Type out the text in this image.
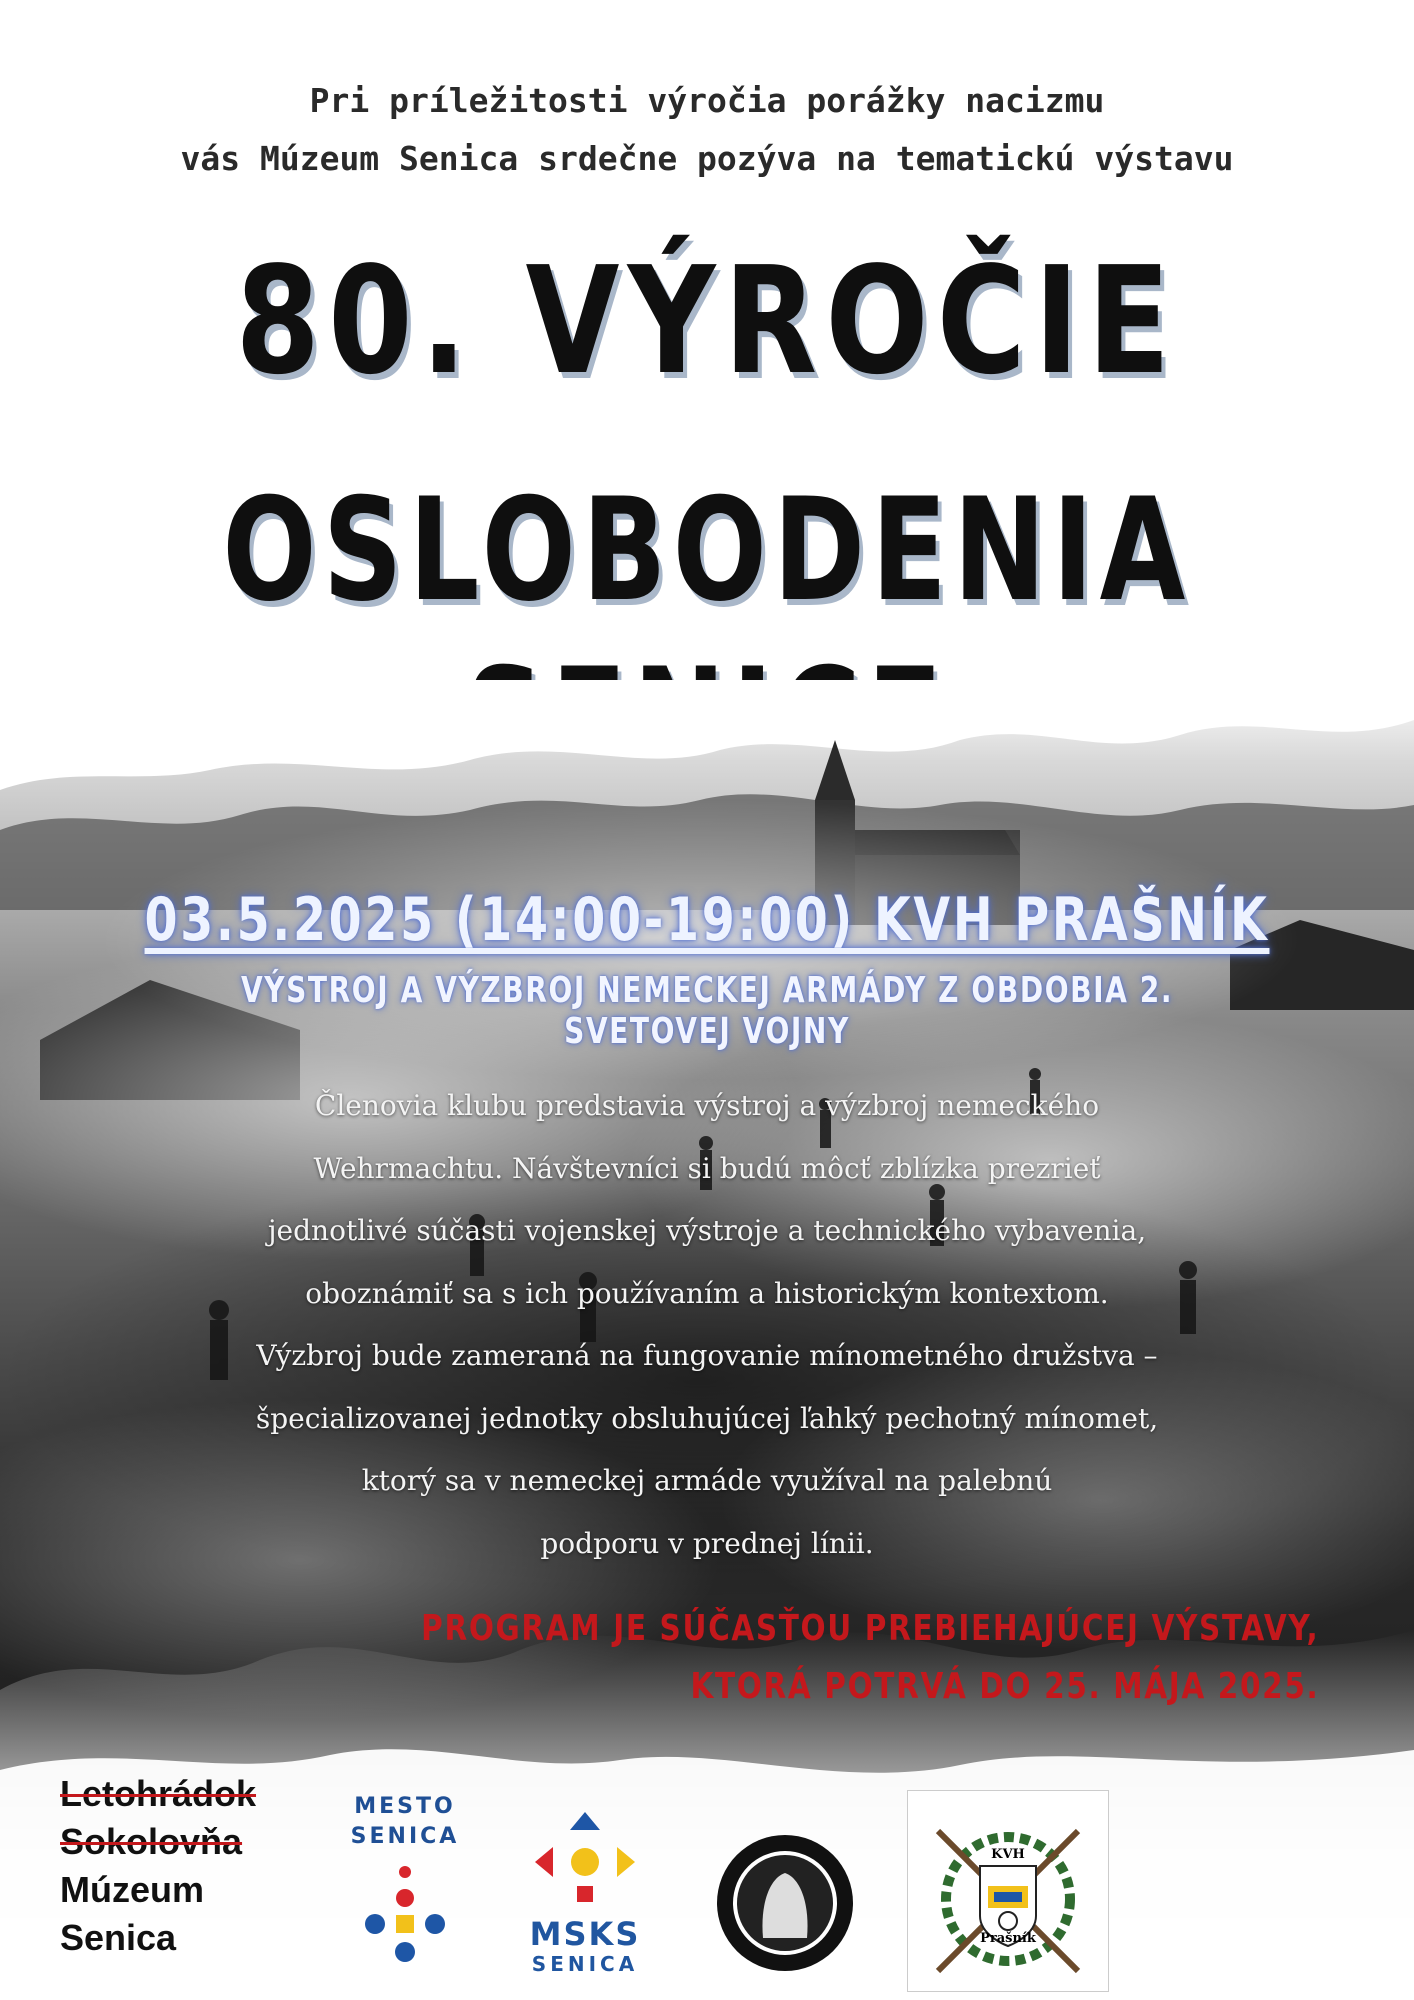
Pri príležitosti výročia porážky nacizmu
vás Múzeum Senica srdečne pozýva na tematickú výstavu
80. VÝROČIE
OSLOBODENIA
03.5.2025 (14:00-19:00) KVH PRAŠNÍK
VÝSTROJ A VÝZBROJ NEMECKEJ ARMÁDY Z OBDOBIA 2. SVETOVEJ VOJNY
Členovia klubu predstavia výstroj a výzbroj nemeckého
Wehrmachtu. Návštevníci si budú môcť zblízka prezrieť
jednotlivé súčasti vojenskej výstroje a technického vybavenia,
oboznámiť sa s ich používaním a historickým kontextom.
Výzbroj bude zameraná na fungovanie mínometného družstva –
špecializovanej jednotky obsluhujúcej ľahký pechotný mínomet,
ktorý sa v nemeckej armáde využíval na palebnú
podporu v prednej línii.
PROGRAM JE SÚČASŤOU PREBIEHAJÚCEJ VÝSTAVY,
KTORÁ POTRVÁ DO 25. MÁJA 2025.
Letohrádok
Sokolovňa
Múzeum
Senica
MESTO
SENICA
MSKS
SENICA
KVH
Prašník
